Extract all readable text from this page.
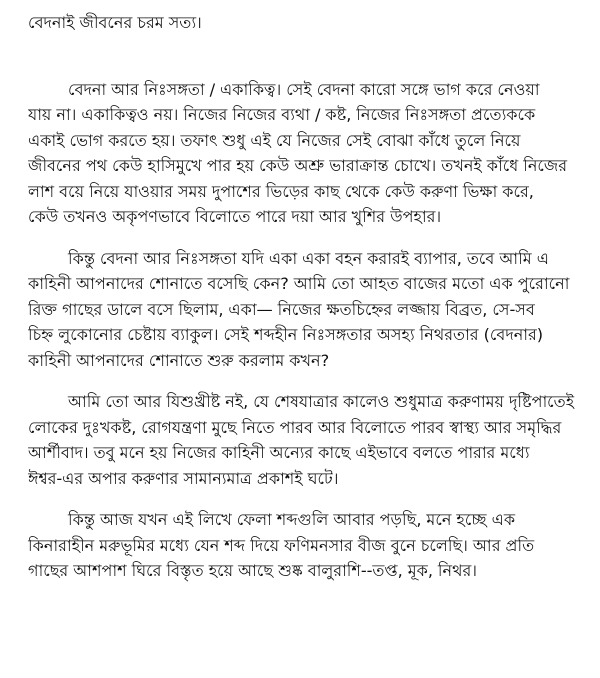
বেদনাই জীবনের চরম সত্য।
বেদনা আর নিঃসঙ্গতা / একাকিত্ব। সেই বেদনা কারো সঙ্গে ভাগ করে নেওয়া
যায় না। একাকিত্বও নয়। নিজের নিজের ব্যথা / কষ্ট, নিজের নিঃসঙ্গতা প্রত্যেককে
একাই ভোগ করতে হয়। তফাৎ শুধু এই যে নিজের সেই বোঝা কাঁধে তুলে নিয়ে
জীবনের পথ কেউ হাসিমুখে পার হয় কেউ অশ্রু ভারাক্রান্ত চোখে। তখনই কাঁধে নিজের
লাশ বয়ে নিয়ে যাওয়ার সময় দুপাশের ভিড়ের কাছ থেকে কেউ করুণা ভিক্ষা করে,
কেউ তখনও অকৃপণভাবে বিলোতে পারে দয়া আর খুশির উপহার।
কিন্তু বেদনা আর নিঃসঙ্গতা যদি একা একা বহন করারই ব্যাপার, তবে আমি এ
কাহিনী আপনাদের শোনাতে বসেছি কেন? আমি তো আহত বাজের মতো এক পুরোনো
রিক্ত গাছের ডালে বসে ছিলাম, একা— নিজের ক্ষতচিহ্নের লজ্জায় বিব্রত, সে-সব
চিহ্ন লুকোনোর চেষ্টায় ব্যাকুল। সেই শব্দহীন নিঃসঙ্গতার অসহ্য নিথরতার (বেদনার)
কাহিনী আপনাদের শোনাতে শুরু করলাম কখন?
আমি তো আর যিশুখ্রীষ্ট নই, যে শেষযাত্রার কালেও শুধুমাত্র করুণাময় দৃষ্টিপাতেই
লোকের দুঃখকষ্ট, রোগযন্ত্রণা মুছে নিতে পারব আর বিলোতে পারব স্বাস্থ্য আর সমৃদ্ধির
আর্শীবাদ। তবু মনে হয় নিজের কাহিনী অন্যের কাছে এইভাবে বলতে পারার মধ্যে
ঈশ্বর-এর অপার করুণার সামান্যমাত্র প্রকাশই ঘটে।
কিন্তু আজ যখন এই লিখে ফেলা শব্দগুলি আবার পড়ছি, মনে হচ্ছে এক
কিনারাহীন মরুভূমির মধ্যে যেন শব্দ দিয়ে ফণিমনসার বীজ বুনে চলেছি। আর প্রতি
গাছের আশপাশ ঘিরে বিস্তৃত হয়ে আছে শুষ্ক বালুরাশি--তপ্ত, মূক, নিথর।
